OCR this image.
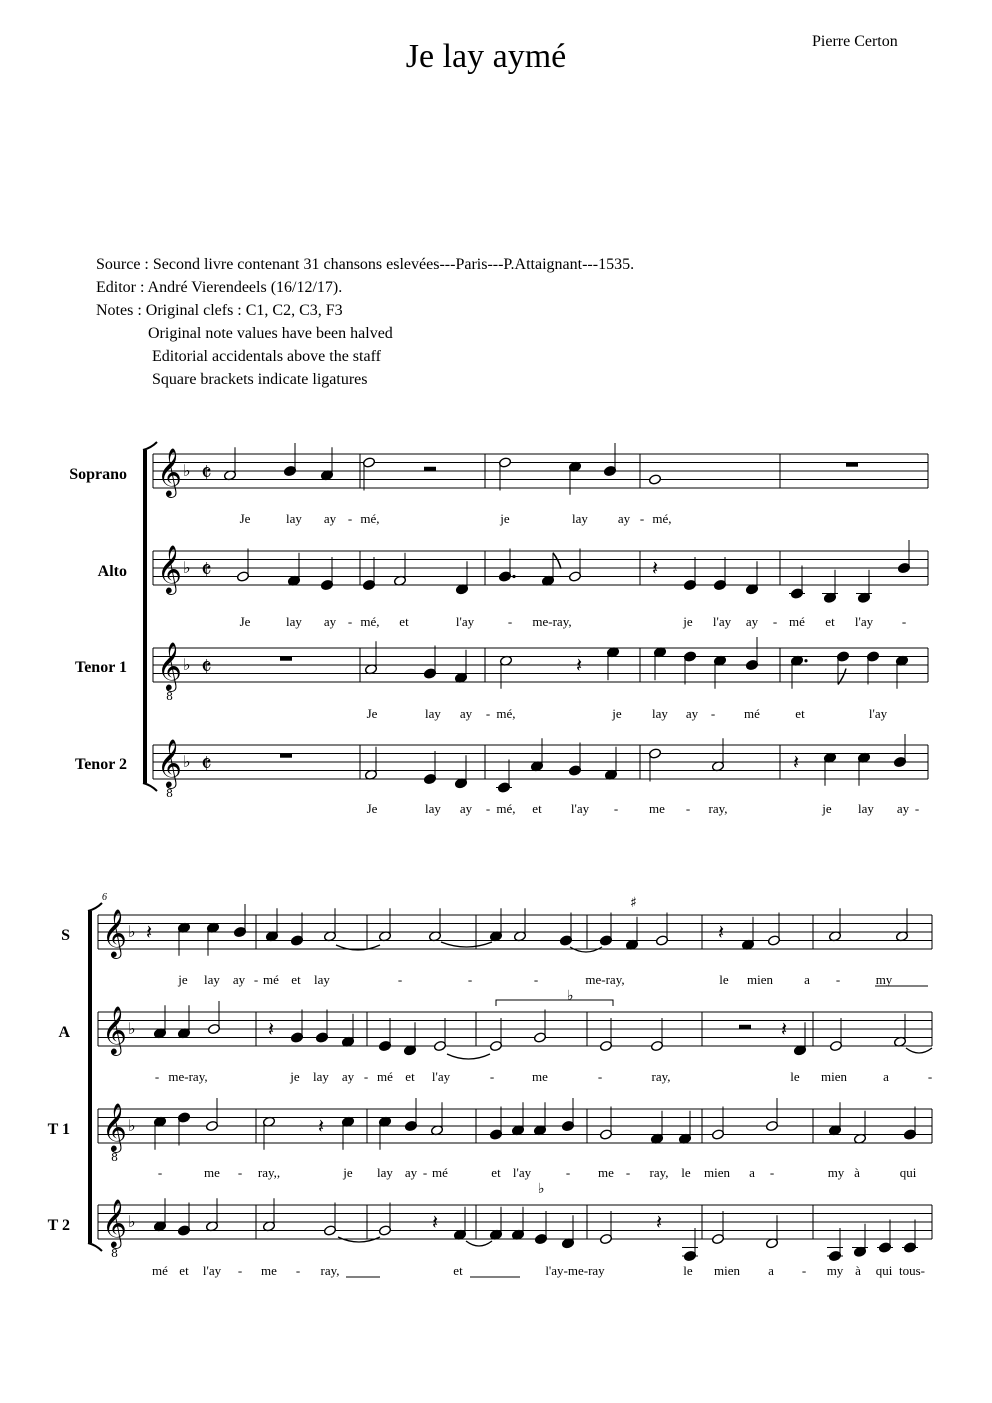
Je lay aymé	Pierre Certon
Source : Second livre contenant 31 chansons eslevées---Paris---P.Attaignant---1535.
Editor : André Vierendeels (16/12/17).
Notes : Original clefs : C1, C2, C3, F3
Original note values have been halved
Editorial accidentals above the staff
Square brackets indicate ligatures
Soprano
Alto
Tenor 1
Tenor 2
S
A
T 1
T 2
6
𝄞 ♭ 𝄵
𝄞 ♭ 𝄵
𝄞
8
♭ 𝄵
𝄞
8
♭ 𝄵
𝄞 ♭
𝄞 ♭
𝄞
8
♭
𝄞
8
♭
𝄽
𝄽
𝄽
𝄽	𝄽
♯
𝄽	𝄽
♭
𝄽
𝄽	𝄽
♭
Je	lay ay - mé,	je	lay ay - mé,
Je	lay ay - mé, et	l'ay	- me-ray,	je l'ay ay - mé et l'ay -
Je	lay ay - mé,	je lay ay - mé	et	l'ay
Je	lay ay - mé, et l'ay - me - ray,	je lay ay -
je lay ay - mé et lay	-	-	-	me-ray,	le mien a -	my
- me-ray,	je lay ay - mé et l'ay	-	me	-	ray,	le mien	a	-
-	me - ray,,	je lay ay - mé	et l'ay	- me - ray, le mien a -	my à	qui
mé et l'ay - me - ray,	et	l'ay-me-ray	le mien a - my à qui tous-
